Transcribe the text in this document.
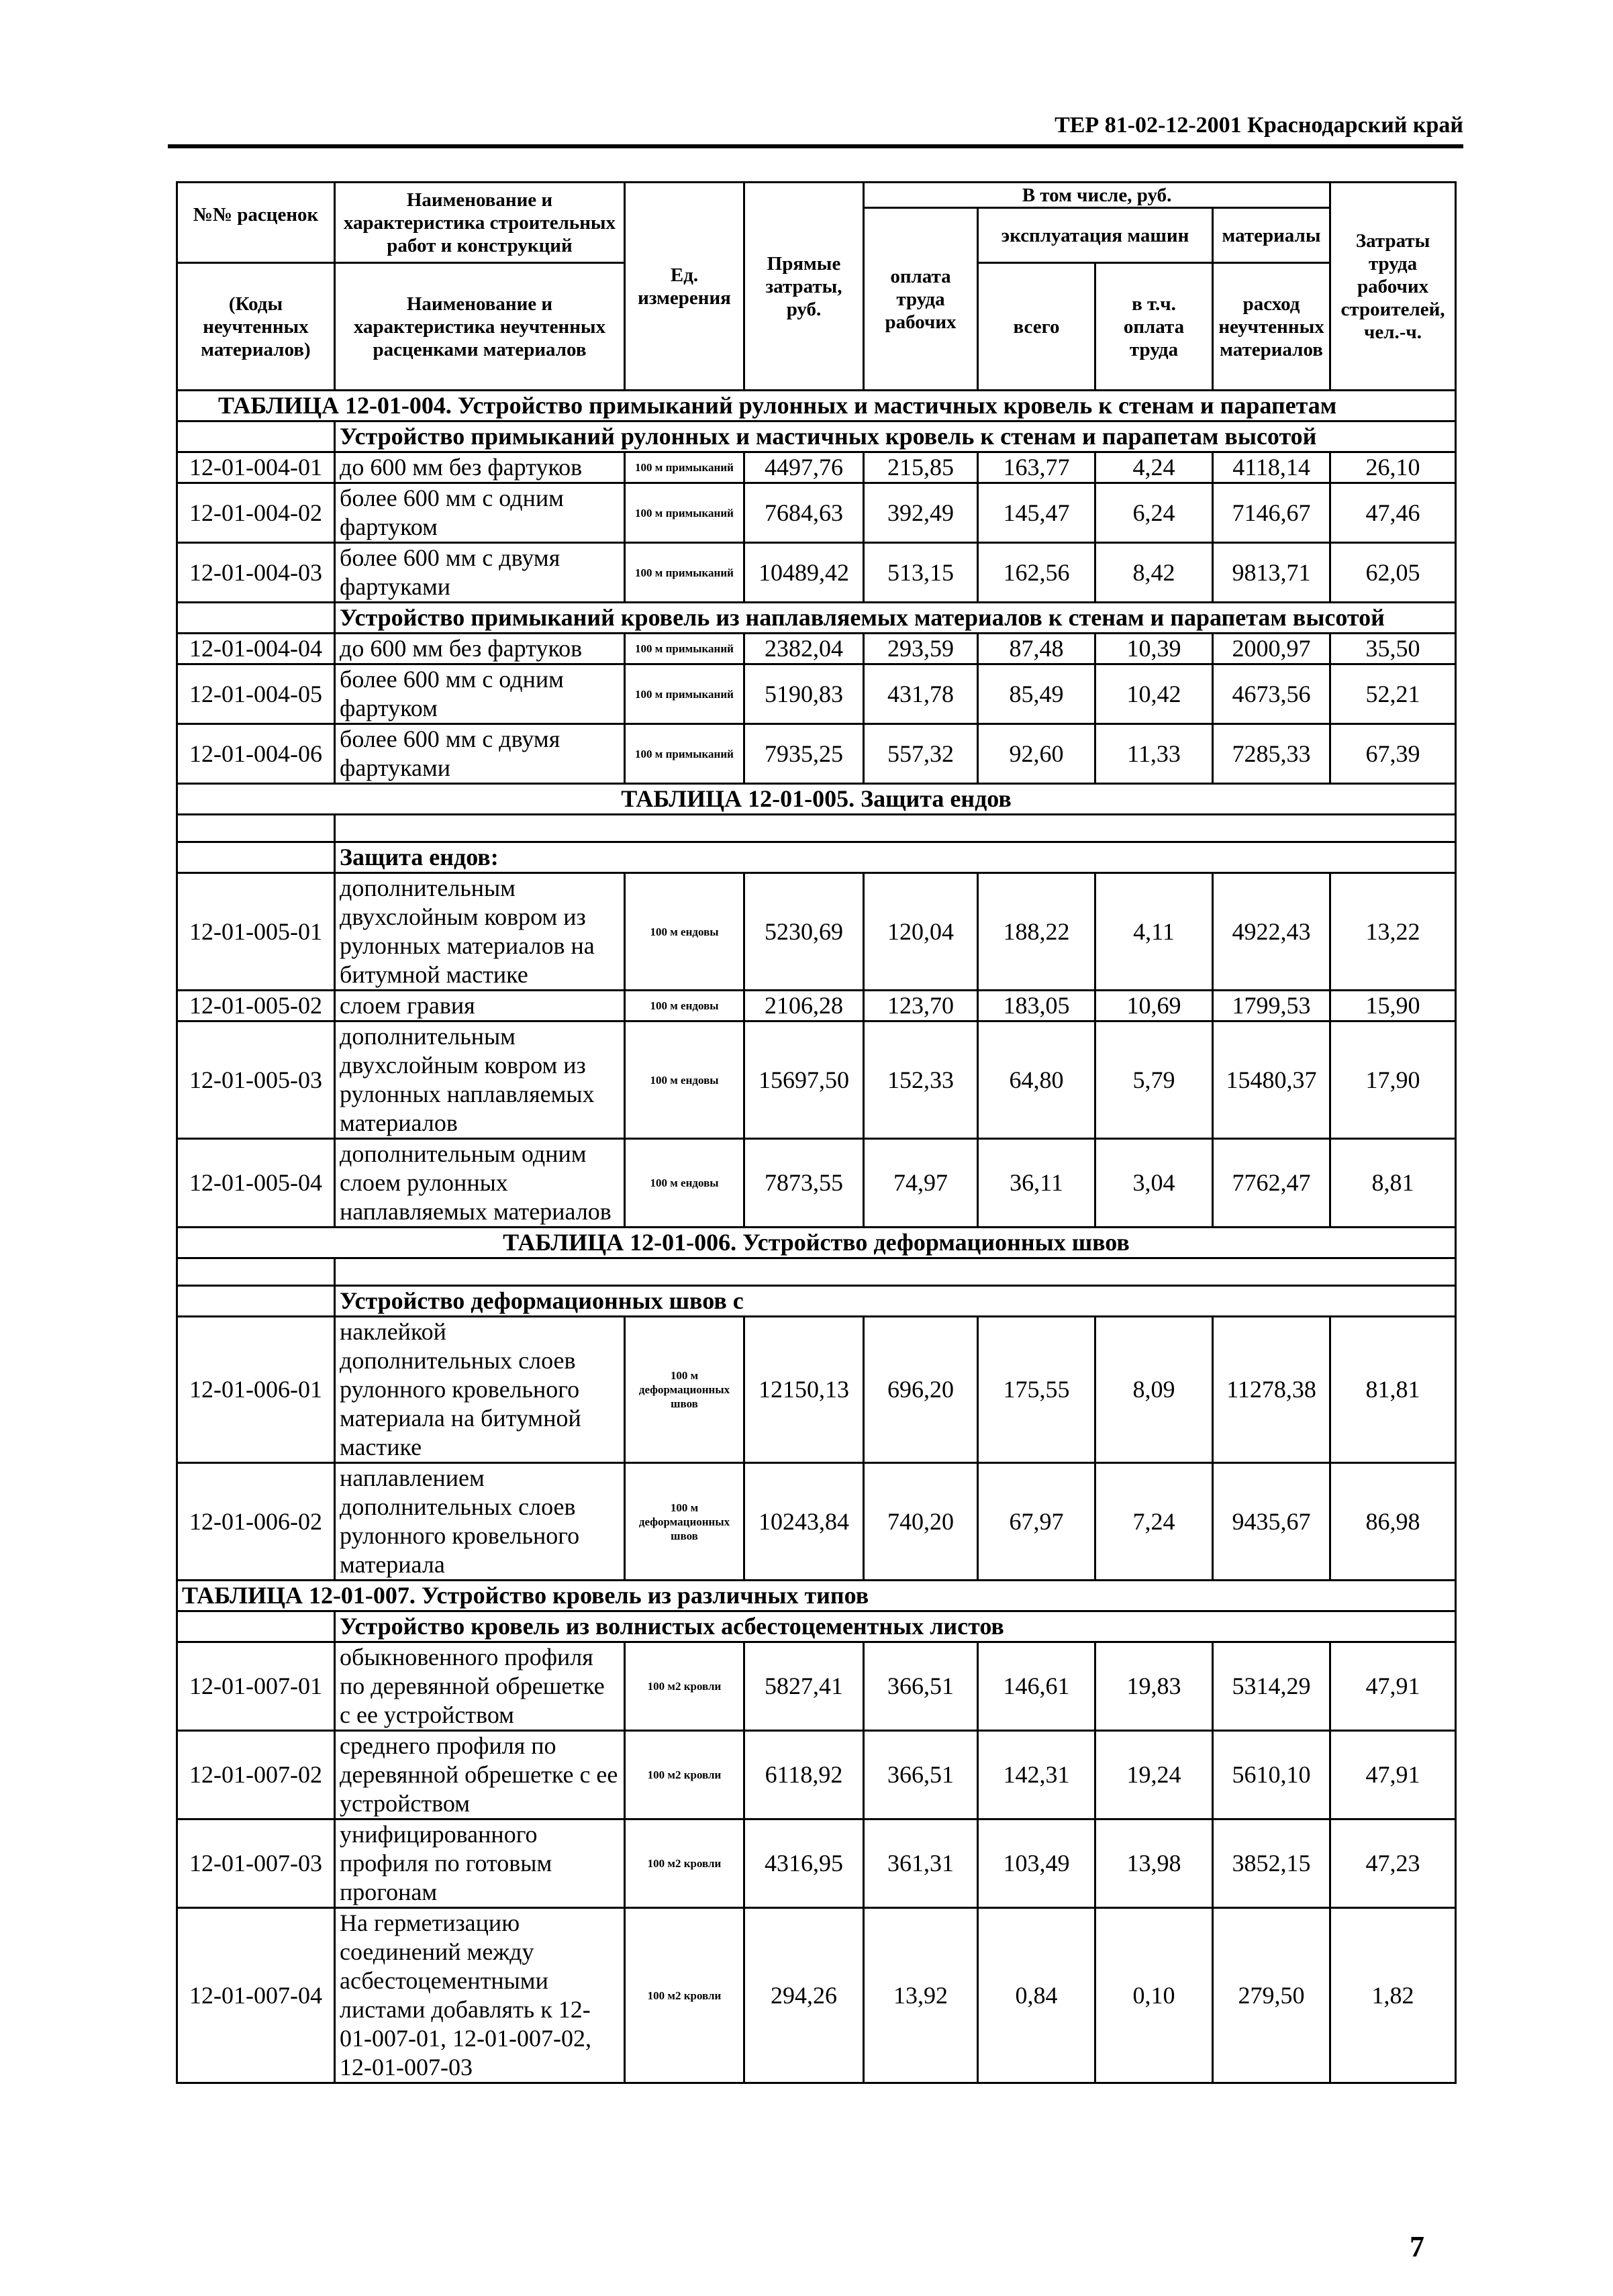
ТЕР 81-02-12-2001 Краснодарский край
№№ расценок	Наименование и характеристика строительных работ и конструкций	Ед. измерения	Прямые затраты, руб.	В том числе, руб.				Затраты труда рабочих строителей, чел.-ч.
				оплата труда рабочих	эксплуатация машин		материалы	

(Коды неучтенных материалов)	Наименование и характеристика неучтенных расценками материалов				всего	в т.ч. оплата труда	расход неучтенных материалов	

ТАБЛИЦА 12-01-004. Устройство примыканий рулонных и мастичных кровель к стенам и парапетам								
	Устройство примыканий рулонных и мастичных кровель к стенам и парапетам высотой							
12-01-004-01	до 600 мм без фартуков	100 м примыканий	4497,76	215,85	163,77	4,24	4118,14	26,10
12-01-004-02	более 600 мм с одним фартуком	100 м примыканий	7684,63	392,49	145,47	6,24	7146,67	47,46
12-01-004-03	более 600 мм с двумя фартуками	100 м примыканий	10489,42	513,15	162,56	8,42	9813,71	62,05
	Устройство примыканий кровель из наплавляемых материалов к стенам и парапетам высотой							
12-01-004-04	до 600 мм без фартуков	100 м примыканий	2382,04	293,59	87,48	10,39	2000,97	35,50
12-01-004-05	более 600 мм с одним фартуком	100 м примыканий	5190,83	431,78	85,49	10,42	4673,56	52,21
12-01-004-06	более 600 мм с двумя фартуками	100 м примыканий	7935,25	557,32	92,60	11,33	7285,33	67,39
ТАБЛИЦА 12-01-005. Защита ендов								

	Защита ендов:							
12-01-005-01	дополнительным двухслойным ковром из рулонных материалов на битумной мастике	100 м ендовы	5230,69	120,04	188,22	4,11	4922,43	13,22
12-01-005-02	слоем гравия	100 м ендовы	2106,28	123,70	183,05	10,69	1799,53	15,90
12-01-005-03	дополнительным двухслойным ковром из рулонных наплавляемых материалов	100 м ендовы	15697,50	152,33	64,80	5,79	15480,37	17,90
12-01-005-04	дополнительным одним слоем рулонных наплавляемых материалов	100 м ендовы	7873,55	74,97	36,11	3,04	7762,47	8,81
ТАБЛИЦА 12-01-006. Устройство деформационных швов								

	Устройство деформационных швов с							
12-01-006-01	наклейкой дополнительных слоев рулонного кровельного материала на битумной мастике	100 м деформационных швов	12150,13	696,20	175,55	8,09	11278,38	81,81
12-01-006-02	наплавлением дополнительных слоев рулонного кровельного материала	100 м деформационных швов	10243,84	740,20	67,97	7,24	9435,67	86,98
ТАБЛИЦА 12-01-007. Устройство кровель из различных типов								
	Устройство кровель из волнистых асбестоцементных листов							
12-01-007-01	обыкновенного профиля по деревянной обрешетке с ее устройством	100 м2 кровли	5827,41	366,51	146,61	19,83	5314,29	47,91
12-01-007-02	среднего профиля по деревянной обрешетке с ее устройством	100 м2 кровли	6118,92	366,51	142,31	19,24	5610,10	47,91
12-01-007-03	унифицированного профиля по готовым прогонам	100 м2 кровли	4316,95	361,31	103,49	13,98	3852,15	47,23
12-01-007-04	На герметизацию соединений между асбестоцементными листами добавлять к 12-01-007-01, 12-01-007-02, 12-01-007-03	100 м2 кровли	294,26	13,92	0,84	0,10	279,50	1,82
7
